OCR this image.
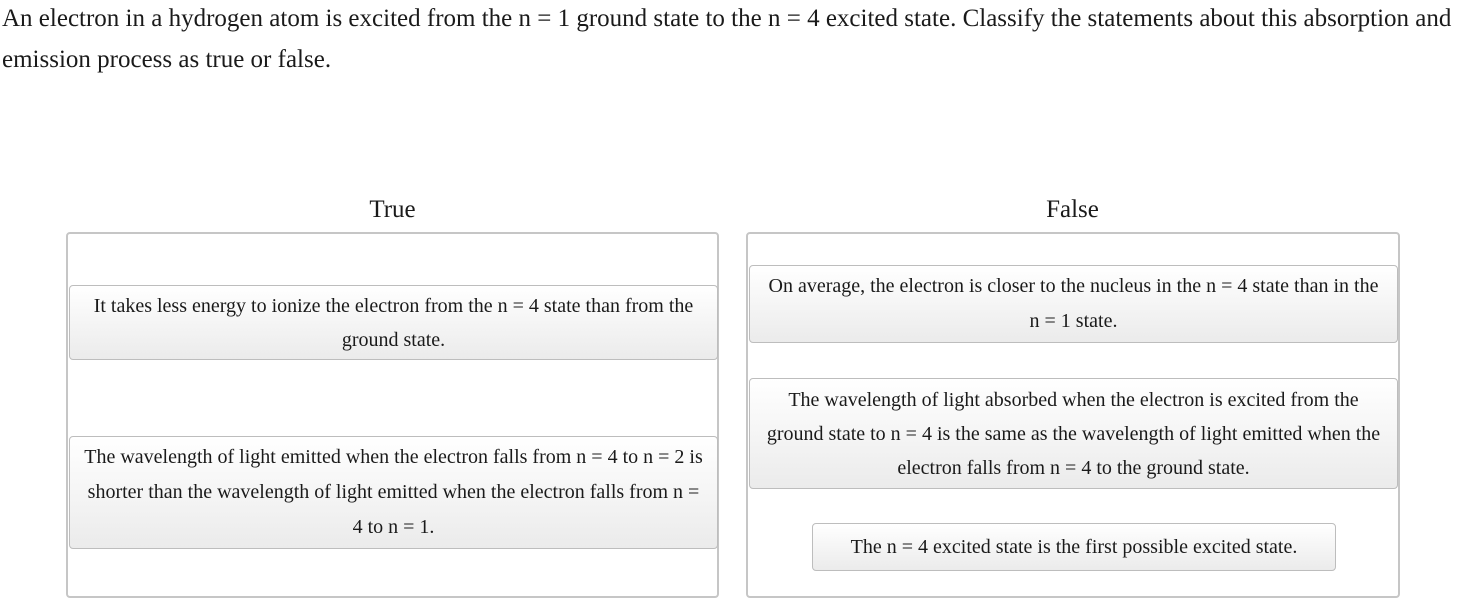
An electron in a hydrogen atom is excited from the n = 1 ground state to the n = 4 excited state. Classify the statements about this absorption and emission process as true or false.

True
It takes less energy to ionize the electron from the n = 4 state than from the ground state.
The wavelength of light emitted when the electron falls from n = 4 to n = 2 is shorter than the wavelength of light emitted when the electron falls from n = 4 to n = 1.
False
On average, the electron is closer to the nucleus in the n = 4 state than in the n = 1 state.
The wavelength of light absorbed when the electron is excited from the ground state to n = 4 is the same as the wavelength of light emitted when the electron falls from n = 4 to the ground state.
The n = 4 excited state is the first possible excited state.
